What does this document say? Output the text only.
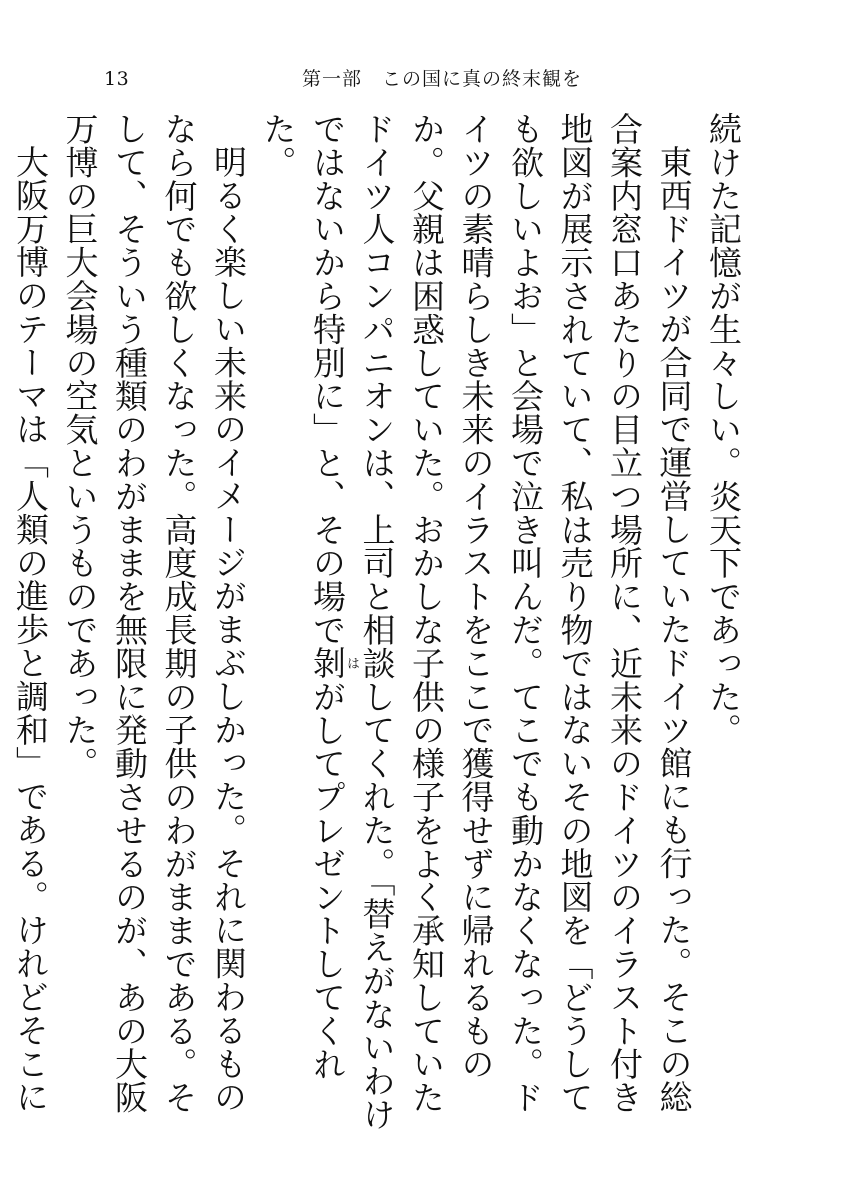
13	第一部　この国に真の終末観を

続けた記憶が生々しい。炎天下であった。

東西ドイツが合同で運営していたドイツ館にも行った。そこの総合案内窓口あたりの目立つ場所に、近未来のドイツのイラスト付き地図が展示されていて、私は売り物ではないその地図を「どうしても欲しいよお」と会場で泣き叫んだ。てこでも動かなくなった。ドイツの素晴らしき未来のイラストをここで獲得せずに帰れるものか。父親は困惑していた。おかしな子供の様子をよく承知していたドイツ人コンパニオンは、上司と相談してくれた。「替えがないわけではないから特別に」と、その場で剝はがしてプレゼントしてくれた。

明るく楽しい未来のイメージがまぶしかった。それに関わるものなら何でも欲しくなった。高度成長期の子供のわがままである。そして、そういう種類のわがままを無限に発動させるのが、あの大阪万博の巨大会場の空気というものであった。

大阪万博のテーマは「人類の進歩と調和」である。けれどそこに
